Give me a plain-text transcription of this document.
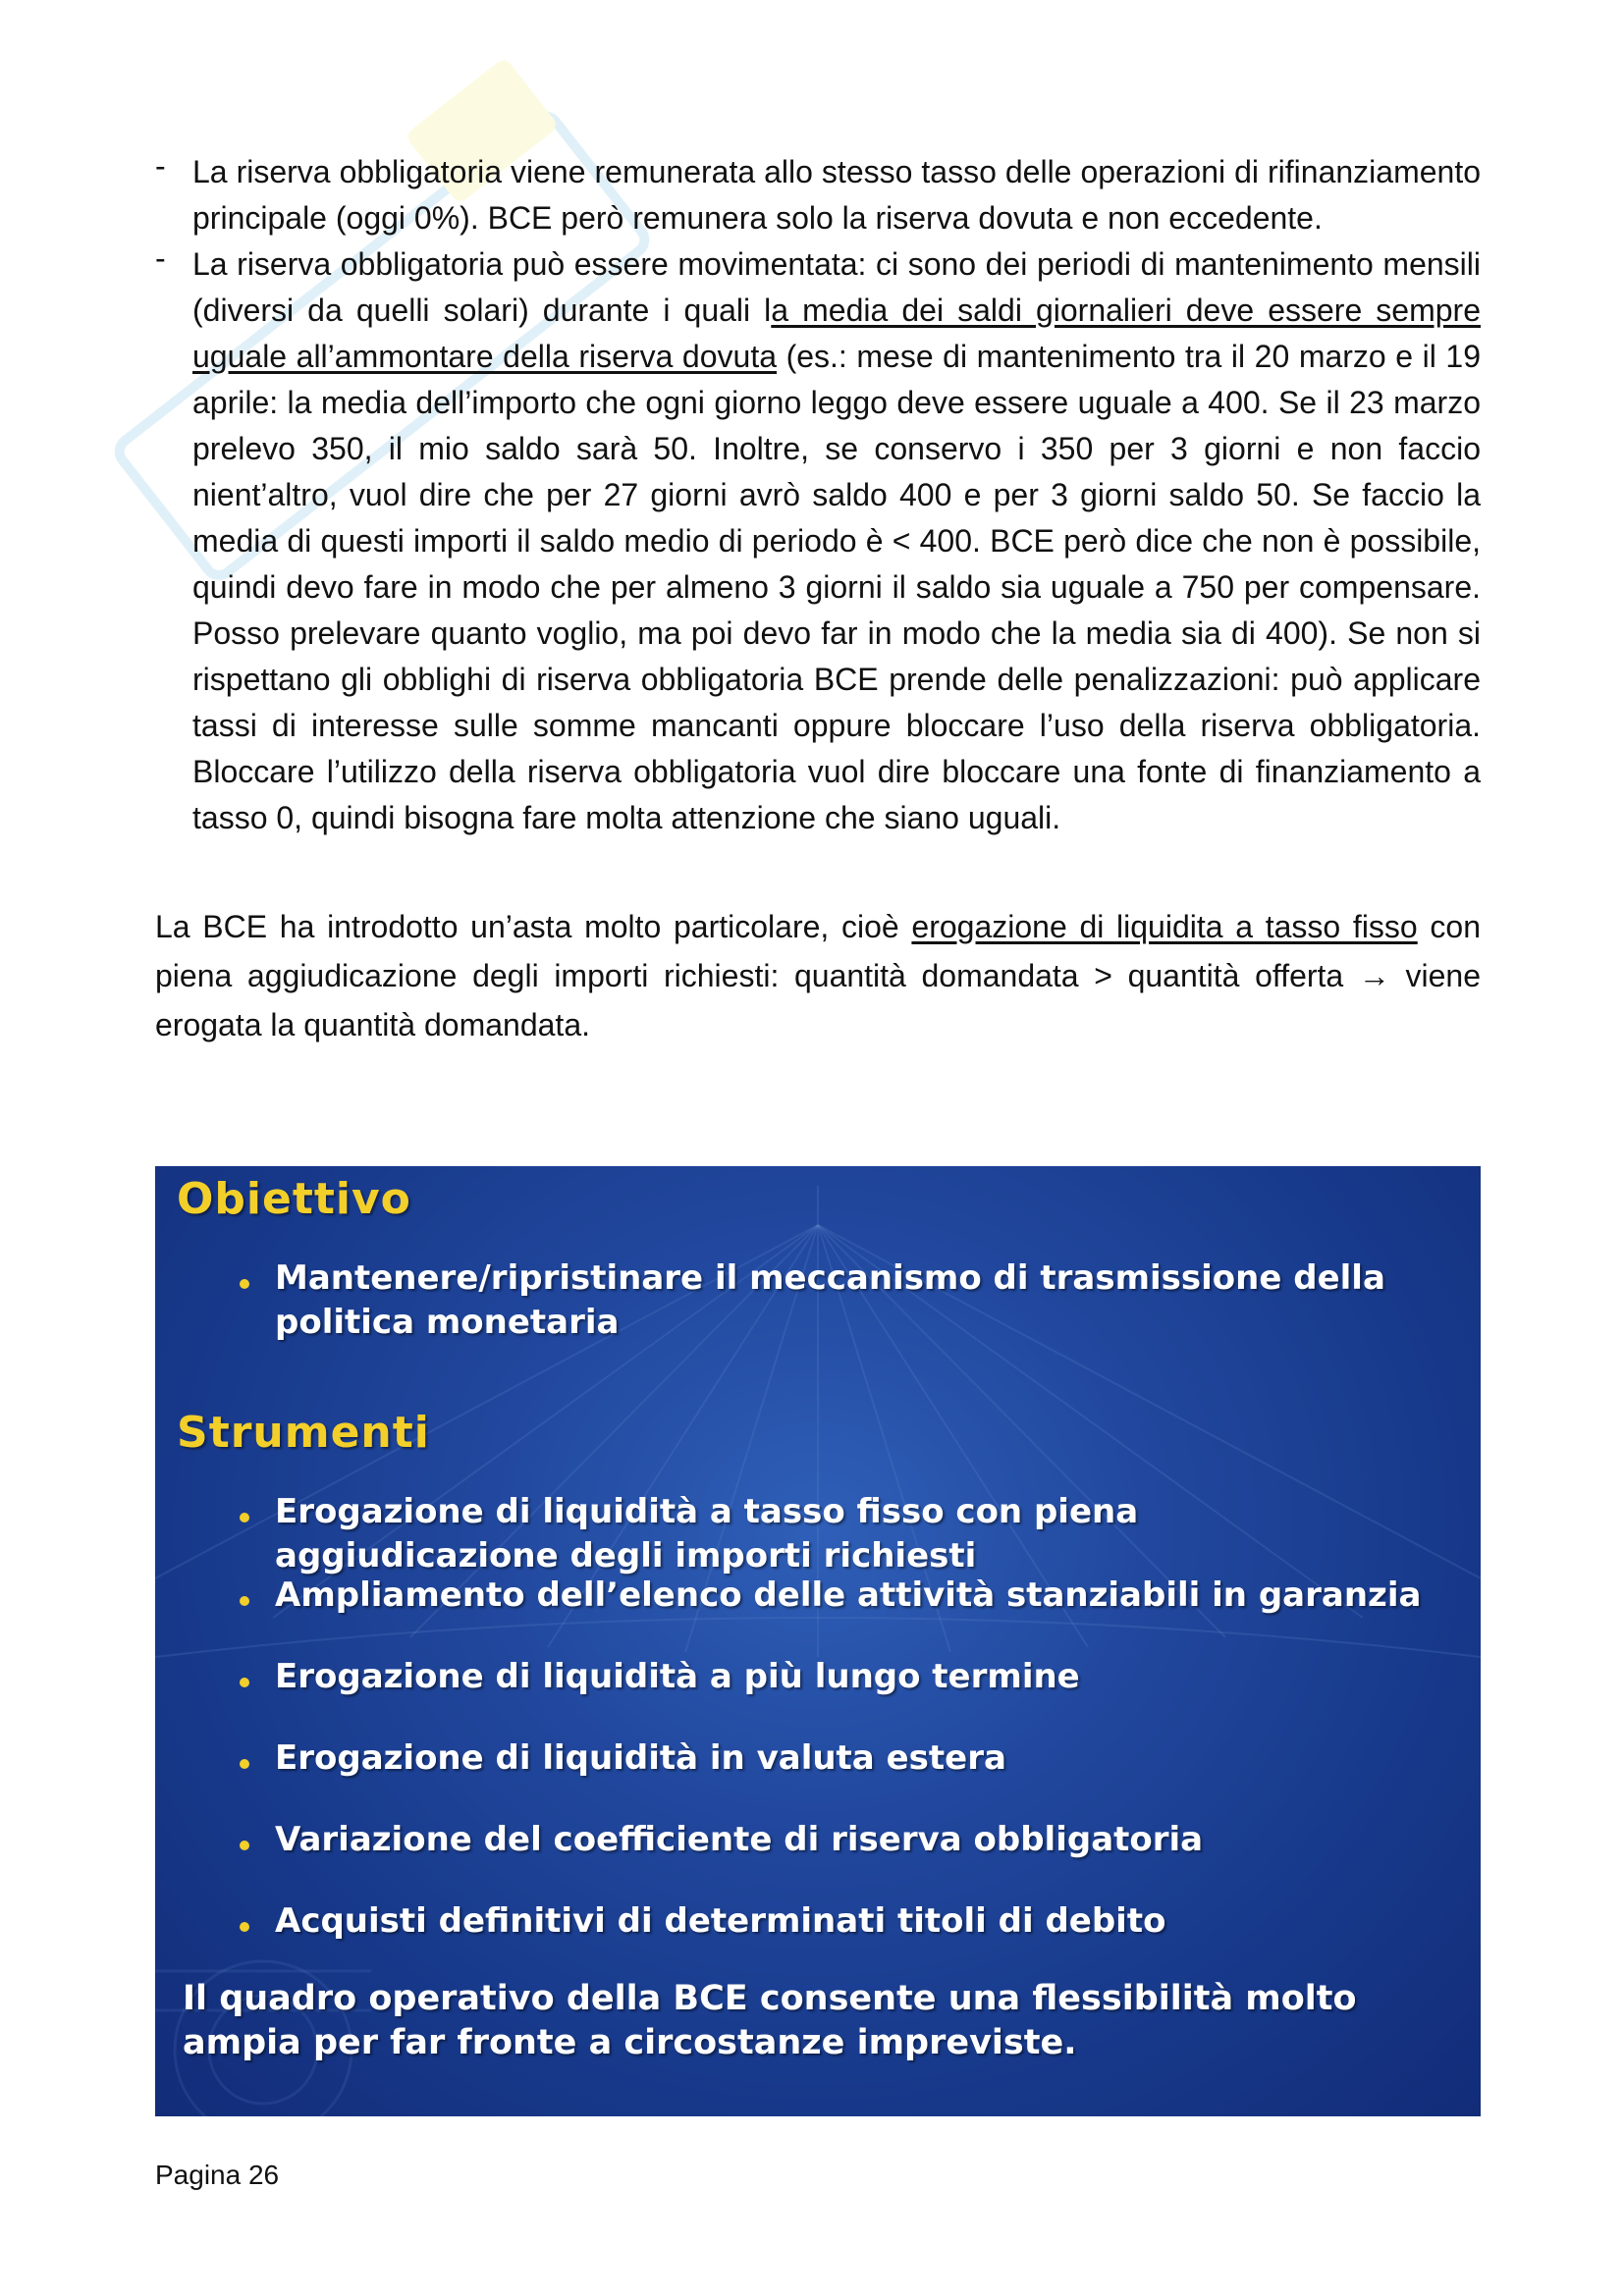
- La riserva obbligatoria viene remunerata allo stesso tasso delle operazioni di rifinanziamento principale (oggi 0%). BCE però remunera solo la riserva dovuta e non eccedente.
- La riserva obbligatoria può essere movimentata: ci sono dei periodi di mantenimento mensili (diversi da quelli solari) durante i quali la media dei saldi giornalieri deve essere sempre uguale all’ammontare della riserva dovuta (es.: mese di mantenimento tra il 20 marzo e il 19 aprile: la media dell’importo che ogni giorno leggo deve essere uguale a 400. Se il 23 marzo prelevo 350, il mio saldo sarà 50. Inoltre, se conservo i 350 per 3 giorni e non faccio nient’altro, vuol dire che per 27 giorni avrò saldo 400 e per 3 giorni saldo 50. Se faccio la media di questi importi il saldo medio di periodo è < 400. BCE però dice che non è possibile, quindi devo fare in modo che per almeno 3 giorni il saldo sia uguale a 750 per compensare. Posso prelevare quanto voglio, ma poi devo far in modo che la media sia di 400). Se non si rispettano gli obblighi di riserva obbligatoria BCE prende delle penalizzazioni: può applicare tassi di interesse sulle somme mancanti oppure bloccare l’uso della riserva obbligatoria. Bloccare l’utilizzo della riserva obbligatoria vuol dire bloccare una fonte di finanziamento a tasso 0, quindi bisogna fare molta attenzione che siano uguali.

La BCE ha introdotto un’asta molto particolare, cioè erogazione di liquidita a tasso fisso con piena aggiudicazione degli importi richiesti: quantità domandata > quantità offerta → viene erogata la quantità domandata.

Obiettivo
Mantenere/ripristinare il meccanismo di trasmissione della
politica monetaria
Strumenti
Erogazione di liquidità a tasso fisso con piena
aggiudicazione degli importi richiesti
Ampliamento dell’elenco delle attività stanziabili in garanzia
Erogazione di liquidità a più lungo termine
Erogazione di liquidità in valuta estera
Variazione del coefficiente di riserva obbligatoria
Acquisti definitivi di determinati titoli di debito
Il quadro operativo della BCE consente una flessibilità molto ampia per far fronte a circostanze impreviste.
Pagina 26
